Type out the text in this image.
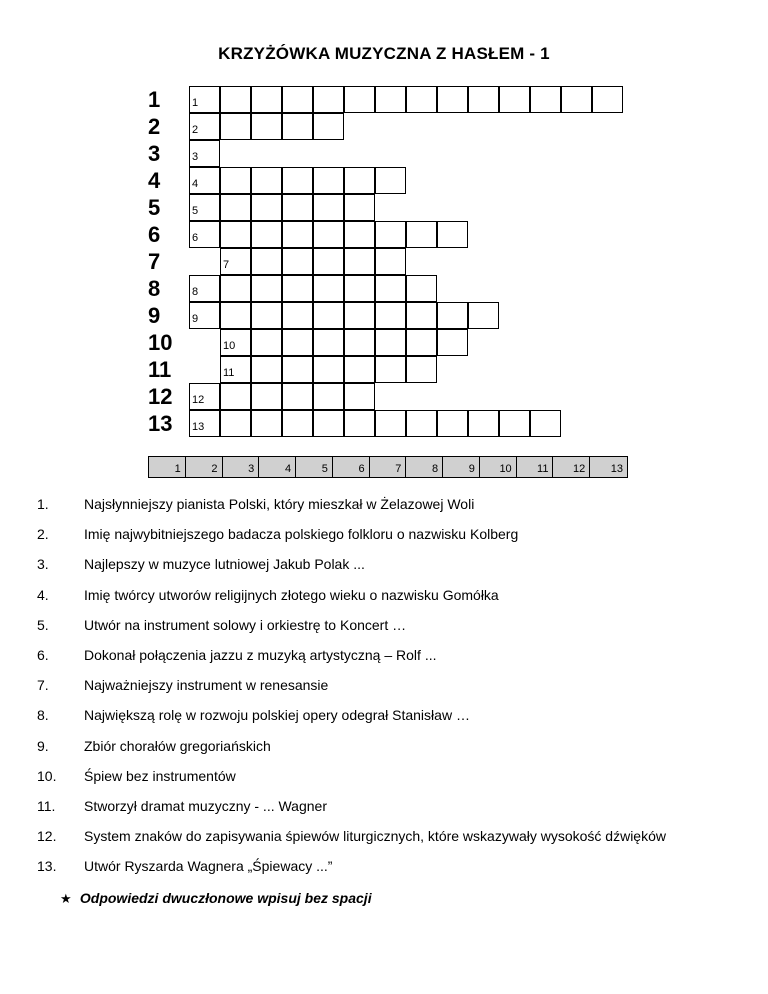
KRZYŻÓWKA MUZYCZNA Z HASŁEM - 1
1	1
2	2
3	3
4	4
5	5
6	6
7	7
8	8
9	9
10	10
11	11
12	12
13	13
1	2	3	4	5	6	7	8	9	10	11	12	13
1.	Najsłynniejszy pianista Polski, który mieszkał w Żelazowej Woli
2.	Imię najwybitniejszego badacza polskiego folkloru o nazwisku Kolberg
3.	Najlepszy w muzyce lutniowej Jakub Polak ...
4.	Imię twórcy utworów religijnych złotego wieku o nazwisku Gomółka
5.	Utwór na instrument solowy i orkiestrę to Koncert …
6.	Dokonał połączenia jazzu z muzyką artystyczną – Rolf ...
7.	Najważniejszy instrument w renesansie
8.	Największą rolę w rozwoju polskiej opery odegrał Stanisław …
9.	Zbiór chorałów gregoriańskich
10. Śpiew bez instrumentów
11. Stworzył dramat muzyczny - ... Wagner
12. System znaków do zapisywania śpiewów liturgicznych, które wskazywały wysokość dźwięków
13. Utwór Ryszarda Wagnera „Śpiewacy ...”
★ Odpowiedzi dwuczłonowe wpisuj bez spacji
